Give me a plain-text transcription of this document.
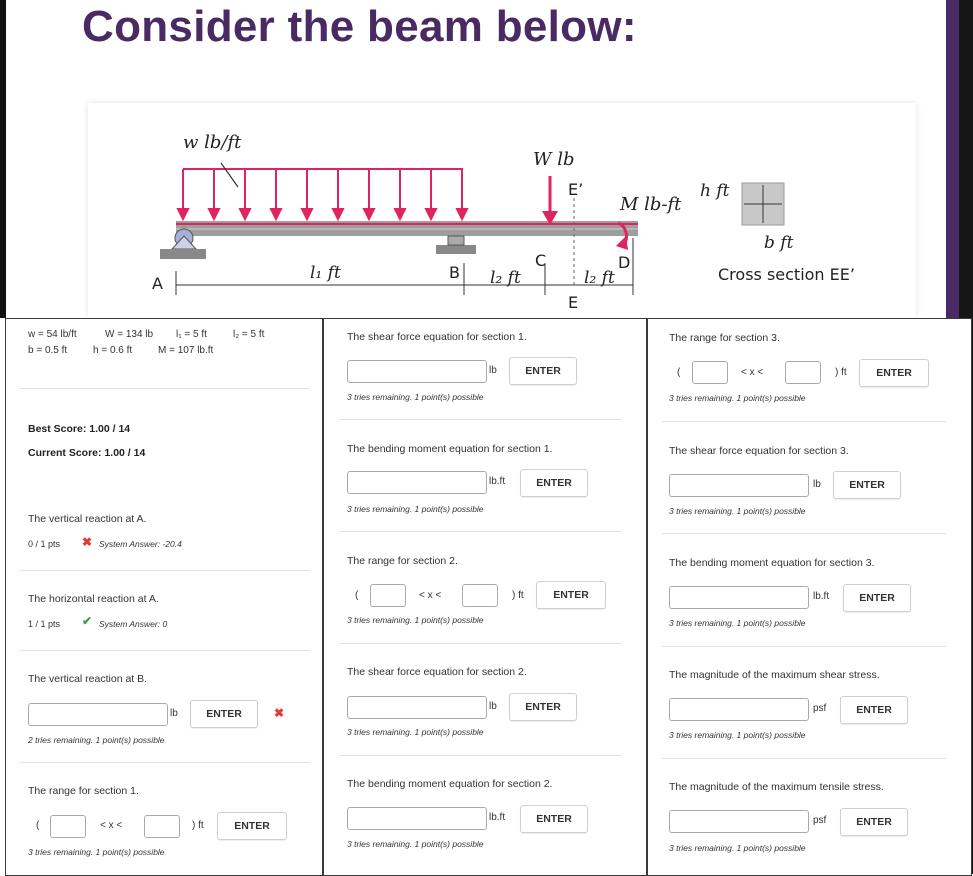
Consider the beam below:
w lb/ft
W lb
E’
E
M lb-ft
A
B
C	D
l₁ ft	l₂ ft	l₂ ft
h ft
b ft
Cross section EE’
w = 54 lb/ft	W = 134 lb l₁ = 5 ft	l₂ = 5 ft
b = 0.5 ft	h = 0.6 ft	M = 107 lb.ft
Best Score: 1.00 / 14
Current Score: 1.00 / 14
The vertical reaction at A.
0 / 1 pts ✖ System Answer: -20.4
The horizontal reaction at A.
1 / 1 pts ✔ System Answer: 0
The vertical reaction at B.
lb	ENTER	✖
2 tries remaining. 1 point(s) possible
The range for section 1.
(	< x <	) ft	ENTER
3 tries remaining. 1 point(s) possible
The shear force equation for section 1.
lb	ENTER
3 tries remaining. 1 point(s) possible
The bending moment equation for section 1.
lb.ft	ENTER
3 tries remaining. 1 point(s) possible
The range for section 2.
(	< x <	) ft	ENTER
3 tries remaining. 1 point(s) possible
The shear force equation for section 2.
lb	ENTER
3 tries remaining. 1 point(s) possible
The bending moment equation for section 2.
lb.ft	ENTER
3 tries remaining. 1 point(s) possible
The range for section 3.
(	< x <	) ft	ENTER
3 tries remaining. 1 point(s) possible
The shear force equation for section 3.
lb	ENTER
3 tries remaining. 1 point(s) possible
The bending moment equation for section 3.
lb.ft	ENTER
3 tries remaining. 1 point(s) possible
The magnitude of the maximum shear stress.
psf	ENTER
3 tries remaining. 1 point(s) possible
The magnitude of the maximum tensile stress.
psf	ENTER
3 tries remaining. 1 point(s) possible
